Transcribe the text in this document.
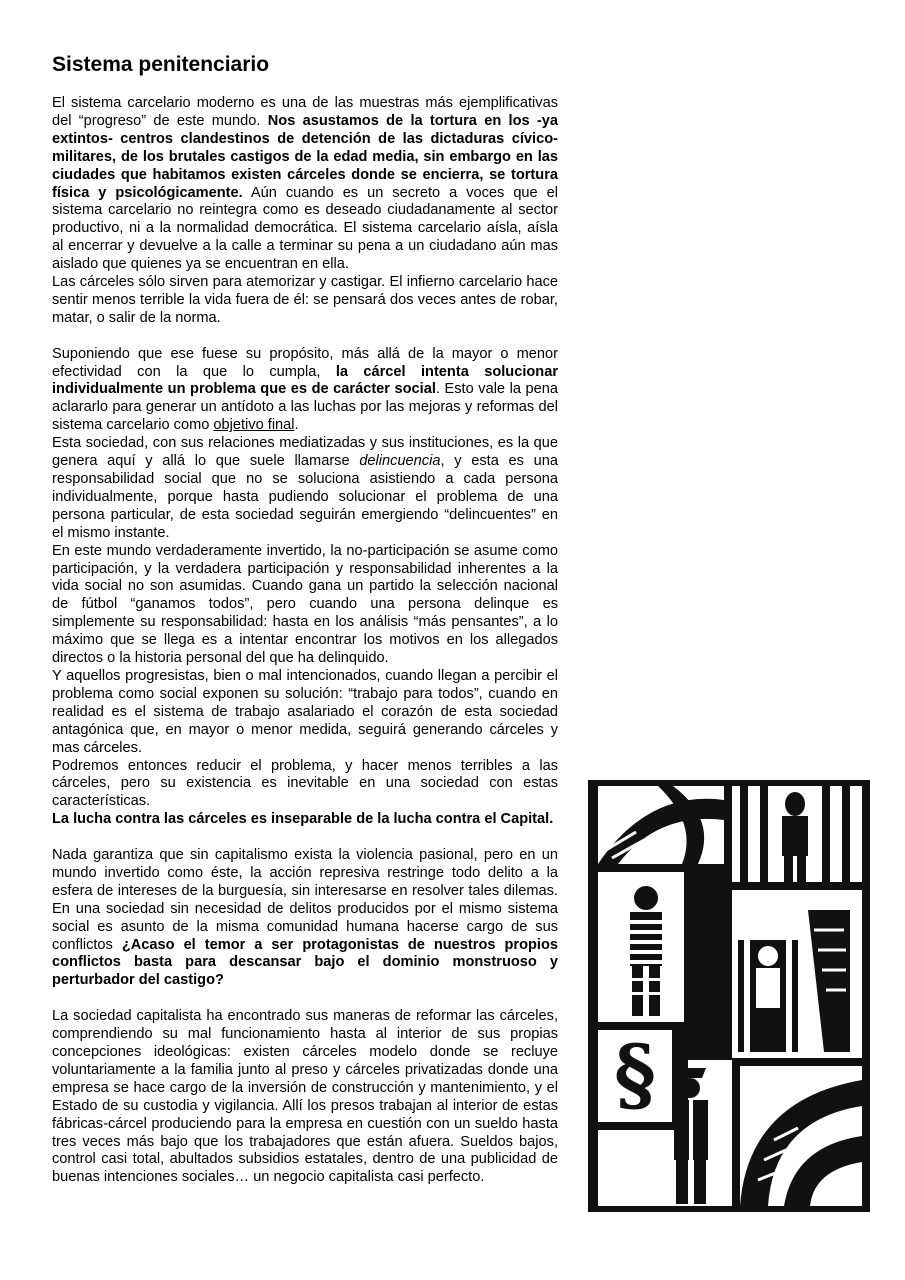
Sistema penitenciario

El sistema carcelario moderno es una de las muestras más ejemplificativas del “progreso” de este mundo. Nos asustamos de la tortura en los -ya extintos- centros clandestinos de detención de las dictaduras cívico-militares, de los brutales castigos de la edad media, sin embargo en las ciudades que habitamos existen cárceles donde se encierra, se tortura física y psicológicamente. Aún cuando es un secreto a voces que el sistema carcelario no reintegra como es deseado ciudadanamente al sector productivo, ni a la normalidad democrática. El sistema carcelario aísla, aísla al encerrar y devuelve a la calle a terminar su pena a un ciudadano aún mas aislado que quienes ya se encuentran en ella.

Las cárceles sólo sirven para atemorizar y castigar. El infierno carcelario hace sentir menos terrible la vida fuera de él: se pensará dos veces antes de robar, matar, o salir de la norma.

Suponiendo que ese fuese su propósito, más allá de la mayor o menor efectividad con la que lo cumpla, la cárcel intenta solucionar individualmente un problema que es de carácter social. Esto vale la pena aclararlo para generar un antídoto a las luchas por las mejoras y reformas del sistema carcelario como objetivo final.

Esta sociedad, con sus relaciones mediatizadas y sus instituciones, es la que genera aquí y allá lo que suele llamarse delincuencia, y esta es una responsabilidad social que no se soluciona asistiendo a cada persona individualmente, porque hasta pudiendo solucionar el problema de una persona particular, de esta sociedad seguirán emergiendo “delincuentes” en el mismo instante.

En este mundo verdaderamente invertido, la no-participación se asume como participación, y la verdadera participación y responsabilidad inherentes a la vida social no son asumidas. Cuando gana un partido la selección nacional de fútbol “ganamos todos”, pero cuando una persona delinque es simplemente su responsabilidad: hasta en los análisis “más pensantes”, a lo máximo que se llega es a intentar encontrar los motivos en los allegados directos o la historia personal del que ha delinquido.

Y aquellos progresistas, bien o mal intencionados, cuando llegan a percibir el problema como social exponen su solución: “trabajo para todos”, cuando en realidad es el sistema de trabajo asalariado el corazón de esta sociedad antagónica que, en mayor o menor medida, seguirá generando cárceles y mas cárceles.

Podremos entonces reducir el problema, y hacer menos terribles a las cárceles, pero su existencia es inevitable en una sociedad con estas características.

La lucha contra las cárceles es inseparable de la lucha contra el Capital.

Nada garantiza que sin capitalismo exista la violencia pasional, pero en un mundo invertido como éste, la acción represiva restringe todo delito a la esfera de intereses de la burguesía, sin interesarse en resolver tales dilemas. En una sociedad sin necesidad de delitos producidos por el mismo sistema social es asunto de la misma comunidad humana hacerse cargo de sus conflictos ¿Acaso el temor a ser protagonistas de nuestros propios conflictos basta para descansar bajo el dominio monstruoso y perturbador del castigo?

La sociedad capitalista ha encontrado sus maneras de reformar las cárceles, comprendiendo su mal funcionamiento hasta al interior de sus propias concepciones ideológicas: existen cárceles modelo donde se recluye voluntariamente a la familia junto al preso y cárceles privatizadas donde una empresa se hace cargo de la inversión de construcción y mantenimiento, y el Estado de su custodia y vigilancia. Allí los presos trabajan al interior de estas fábricas-cárcel produciendo para la empresa en cuestión con un sueldo hasta tres veces más bajo que los trabajadores que están afuera. Sueldos bajos, control casi total, abultados subsidios estatales, dentro de una publicidad de buenas intenciones sociales… un negocio capitalista casi perfecto.

§
